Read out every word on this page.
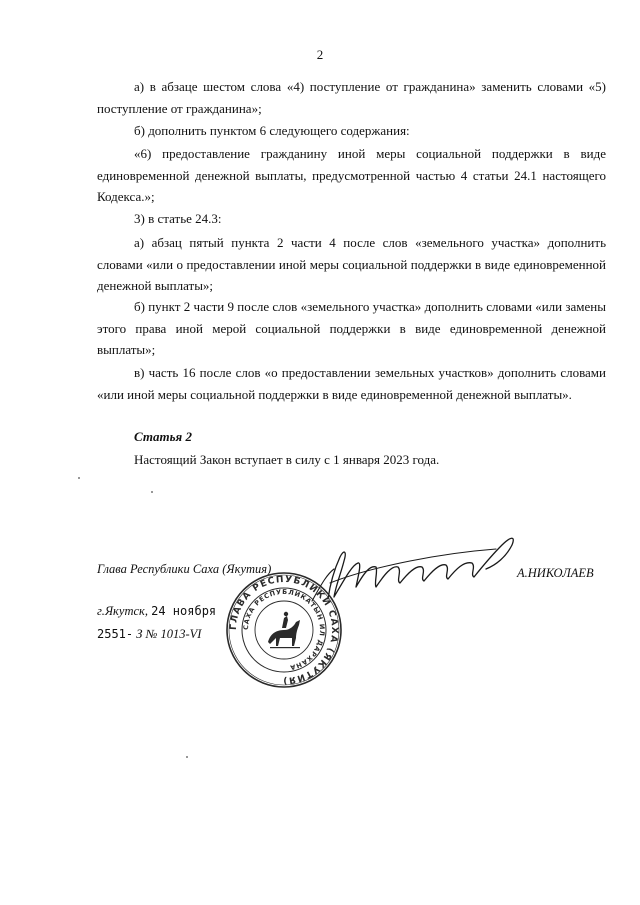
2

а) в абзаце шестом слова «4) поступление от гражданина» заменить словами «5) поступление от гражданина»;

б) дополнить пунктом 6 следующего содержания:

«6) предоставление гражданину иной меры социальной поддержки в виде единовременной денежной выплаты, предусмотренной частью 4 статьи 24.1 настоящего Кодекса.»;

3) в статье 24.3:

а) абзац пятый пункта 2 части 4 после слов «земельного участка» дополнить словами «или о предоставлении иной меры социальной поддержки в виде единовременной денежной выплаты»;

б) пункт 2 части 9 после слов «земельного участка» дополнить словами «или замены этого права иной мерой социальной поддержки в виде единовременной денежной выплаты»;

в) часть 16 после слов «о предоставлении земельных участков» дополнить словами «или иной меры социальной поддержки в виде единовременной денежной выплаты».

Статья 2
Настоящий Закон вступает в силу с 1 января 2023 года.
Глава Республики Саха (Якутия)	А.НИКОЛАЕВ
г.Якутск, 24 ноября
2551- З № 1013-VI
ГЛАВА РЕСПУБЛИКИ САХА (ЯКУТИЯ)
САХА РЕСПУБЛИКАТЫН ИЛ ДАРХАНА
